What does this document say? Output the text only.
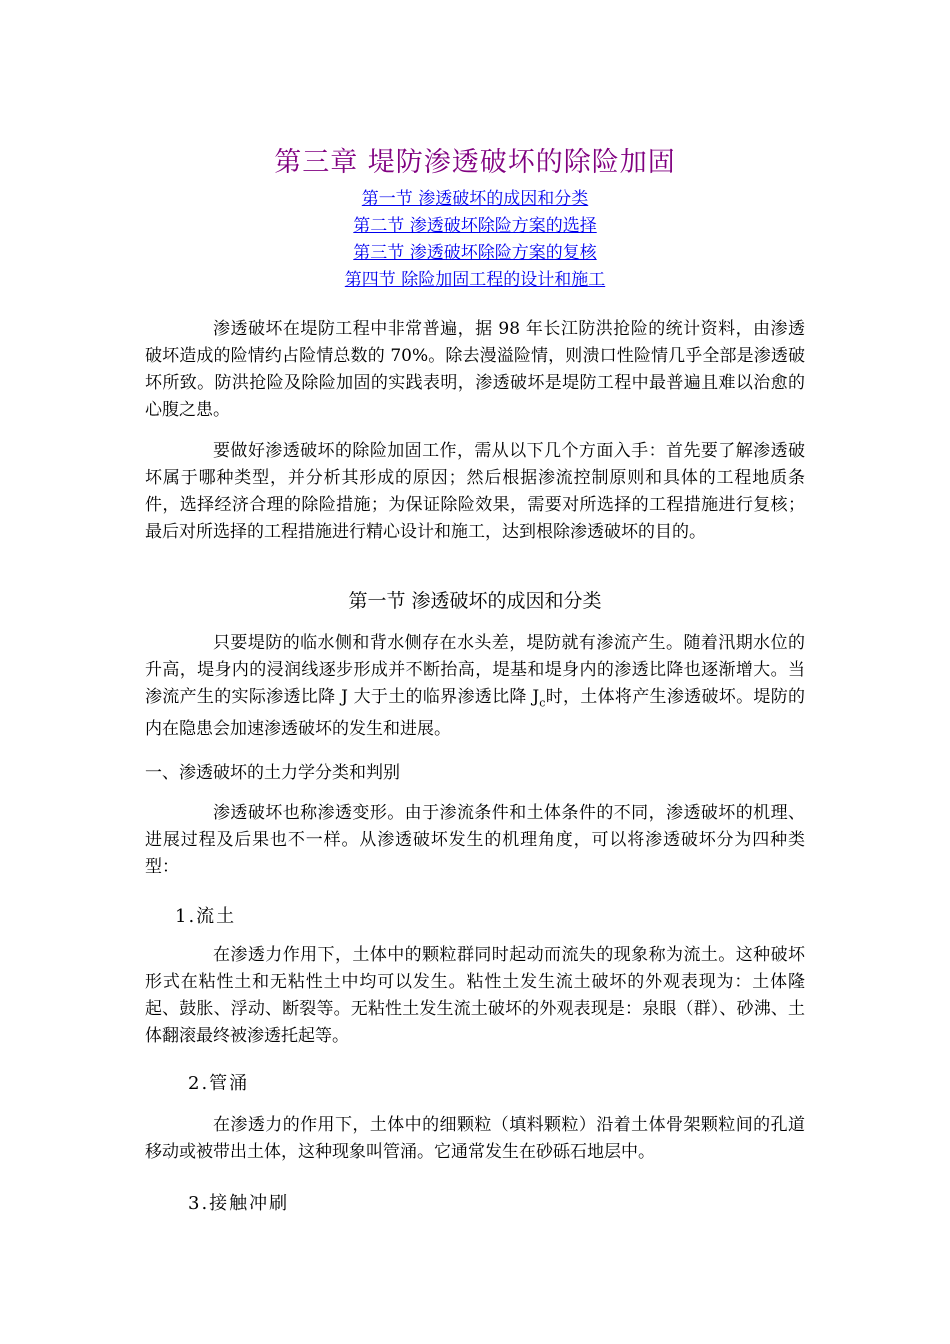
第三章 堤防渗透破坏的除险加固
第一节 渗透破坏的成因和分类
第二节 渗透破坏除险方案的选择
第三节 渗透破坏除险方案的复核
第四节 除险加固工程的设计和施工

渗透破坏在堤防工程中非常普遍，据 98 年长江防洪抢险的统计资料，由渗透破坏造成的险情约占险情总数的 70%。除去漫溢险情，则溃口性险情几乎全部是渗透破坏所致。防洪抢险及除险加固的实践表明，渗透破坏是堤防工程中最普遍且难以治愈的心腹之患。

要做好渗透破坏的除险加固工作，需从以下几个方面入手：首先要了解渗透破坏属于哪种类型，并分析其形成的原因；然后根据渗流控制原则和具体的工程地质条件，选择经济合理的除险措施；为保证除险效果，需要对所选择的工程措施进行复核；最后对所选择的工程措施进行精心设计和施工，达到根除渗透破坏的目的。

第一节 渗透破坏的成因和分类

只要堤防的临水侧和背水侧存在水头差，堤防就有渗流产生。随着汛期水位的升高，堤身内的浸润线逐步形成并不断抬高，堤基和堤身内的渗透比降也逐渐增大。当渗流产生的实际渗透比降 J 大于土的临界渗透比降 $J_c$时，土体将产生渗透破坏。堤防的内在隐患会加速渗透破坏的发生和进展。

一、渗透破坏的土力学分类和判别

渗透破坏也称渗透变形。由于渗流条件和土体条件的不同，渗透破坏的机理、进展过程及后果也不一样。从渗透破坏发生的机理角度，可以将渗透破坏分为四种类型：

1.流土

在渗透力作用下，土体中的颗粒群同时起动而流失的现象称为流土。这种破坏形式在粘性土和无粘性土中均可以发生。粘性土发生流土破坏的外观表现为：土体隆起、鼓胀、浮动、断裂等。无粘性土发生流土破坏的外观表现是：泉眼（群）、砂沸、土体翻滚最终被渗透托起等。

2.管涌

在渗透力的作用下，土体中的细颗粒（填料颗粒）沿着土体骨架颗粒间的孔道移动或被带出土体，这种现象叫管涌。它通常发生在砂砾石地层中。

3.接触冲刷
